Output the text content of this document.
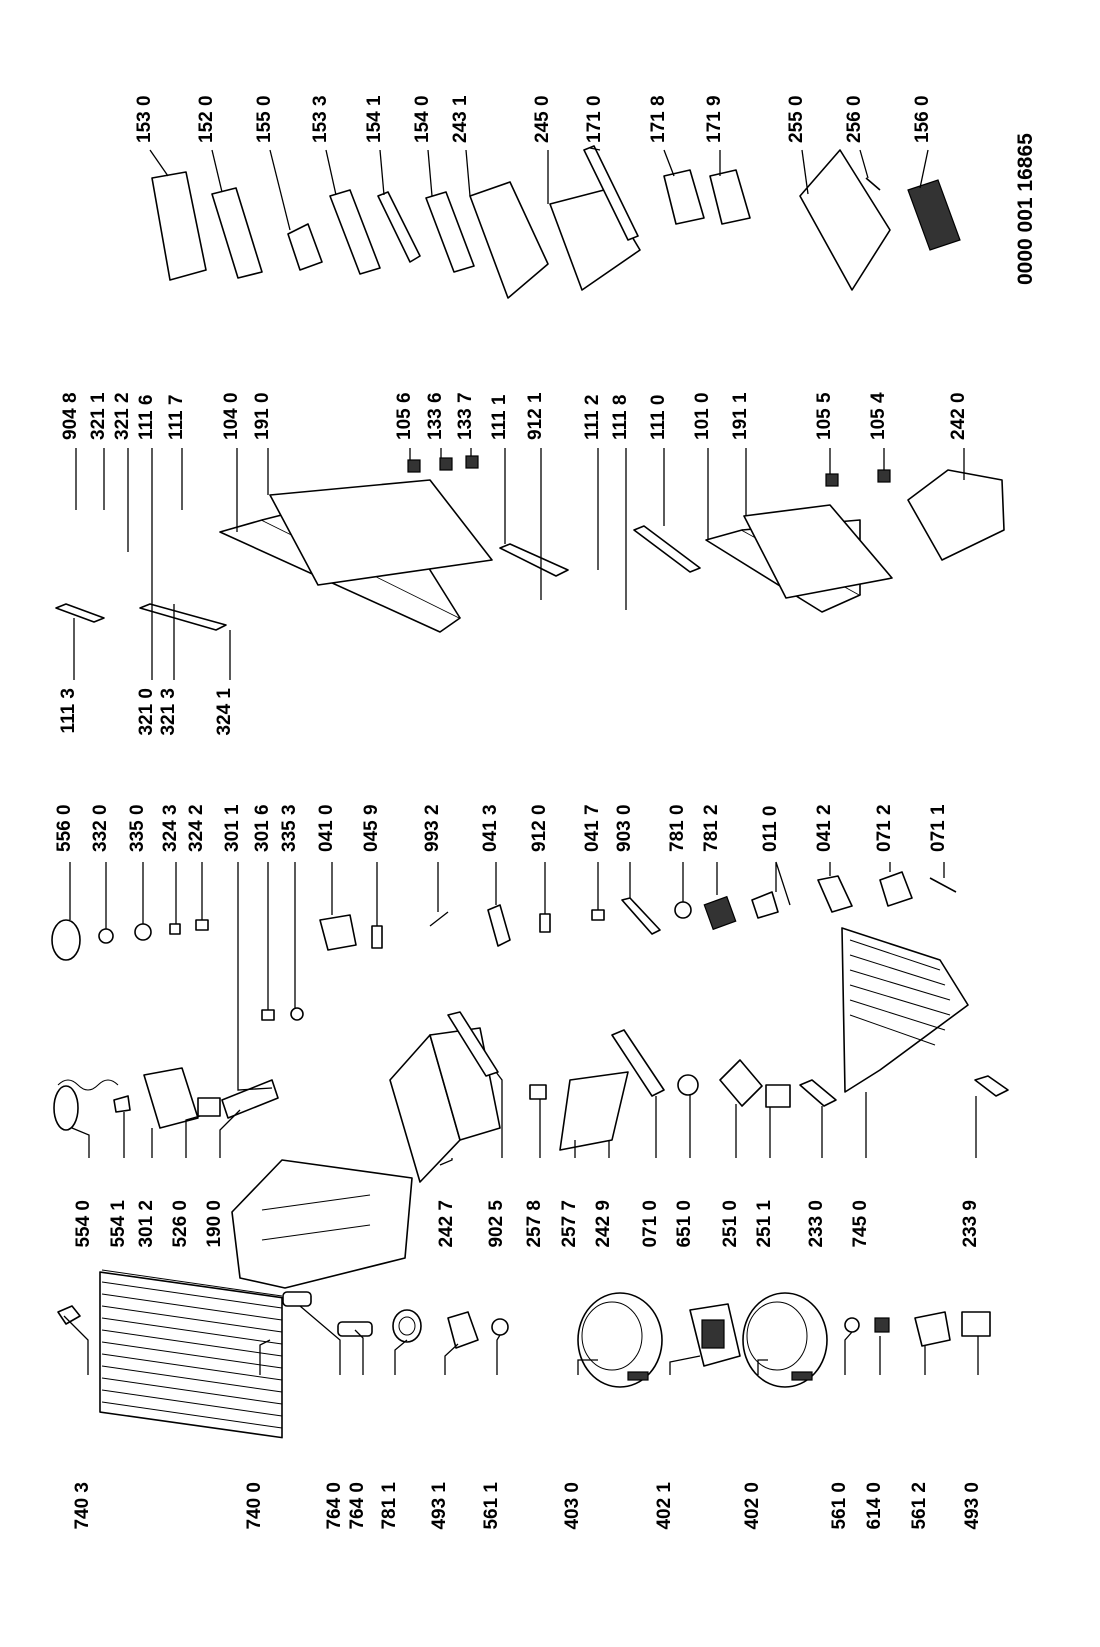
740 3	740 0	764 0 764 0 781 1 493 1 561 1	403 0	402 1	402 0	561 0 614 0 561 2 493 0
554 0 554 1 301 2 526 0 190 0	242 7 902 5 257 8 257 7 242 9 071 0 651 0 251 0 251 1 233 0 745 0	233 9
556 0 332 0 335 0 324 3 324 2 301 1 301 6 335 3 041 0 045 9 993 2 041 3 912 0 041 7 903 0 781 0 781 2 011 0 041 2 071 2 071 1
111 3	321 0 321 3 324 1
904 8 321 1 321 2 111 6 111 7 104 0 191 0	105 6 133 6 133 7 111 1 912 1 111 2 111 8 111 0 101 0 191 1	105 5 105 4	242 0
153 0 152 0 155 0 153 3 154 1 154 0 243 1	245 0 171 0 171 8 171 9	255 0 256 0 156 0
0000 001 16865
